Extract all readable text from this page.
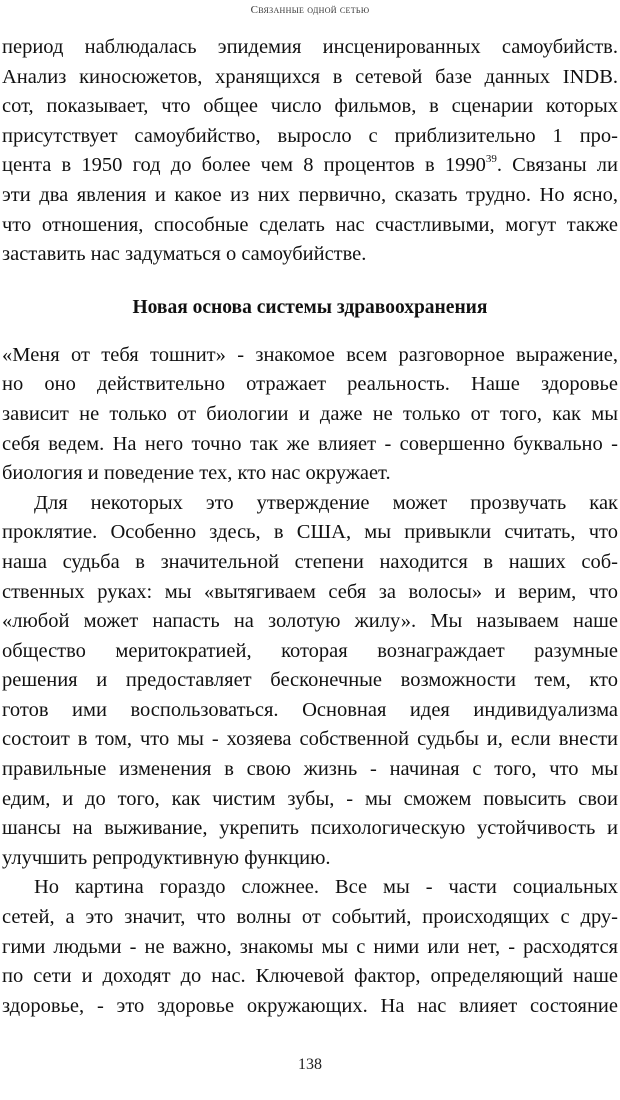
Связанные одной сетью
период наблюдалась эпидемия инсценированных самоубийств.
Анализ киносюжетов, хранящихся в сетевой базе данных INDB.
сот, показывает, что общее число фильмов, в сценарии которых
присутствует самоубийство, выросло с приблизительно 1 про-
цента в 1950 год до более чем 8 процентов в 1990$^{39}$. Связаны ли
эти два явления и какое из них первично, сказать трудно. Но ясно,
что отношения, способные сделать нас счастливыми, могут также
заставить нас задуматься о самоубийстве.
Новая основа системы здравоохранения
«Меня от тебя тошнит» - знакомое всем разговорное выражение,
но оно действительно отражает реальность. Наше здоровье
зависит не только от биологии и даже не только от того, как мы
себя ведем. На него точно так же влияет - совершенно буквально -
биология и поведение тех, кто нас окружает.
Для некоторых это утверждение может прозвучать как
проклятие. Особенно здесь, в США, мы привыкли считать, что
наша судьба в значительной степени находится в наших соб-
ственных руках: мы «вытягиваем себя за волосы» и верим, что
«любой может напасть на золотую жилу». Мы называем наше
общество меритократией, которая вознаграждает разумные
решения и предоставляет бесконечные возможности тем, кто
готов ими воспользоваться. Основная идея индивидуализма
состоит в том, что мы - хозяева собственной судьбы и, если внести
правильные изменения в свою жизнь - начиная с того, что мы
едим, и до того, как чистим зубы, - мы сможем повысить свои
шансы на выживание, укрепить психологическую устойчивость и
улучшить репродуктивную функцию.
Но картина гораздо сложнее. Все мы - части социальных
сетей, а это значит, что волны от событий, происходящих с дру-
гими людьми - не важно, знакомы мы с ними или нет, - расходятся
по сети и доходят до нас. Ключевой фактор, определяющий наше
здоровье, - это здоровье окружающих. На нас влияет состояние
138
